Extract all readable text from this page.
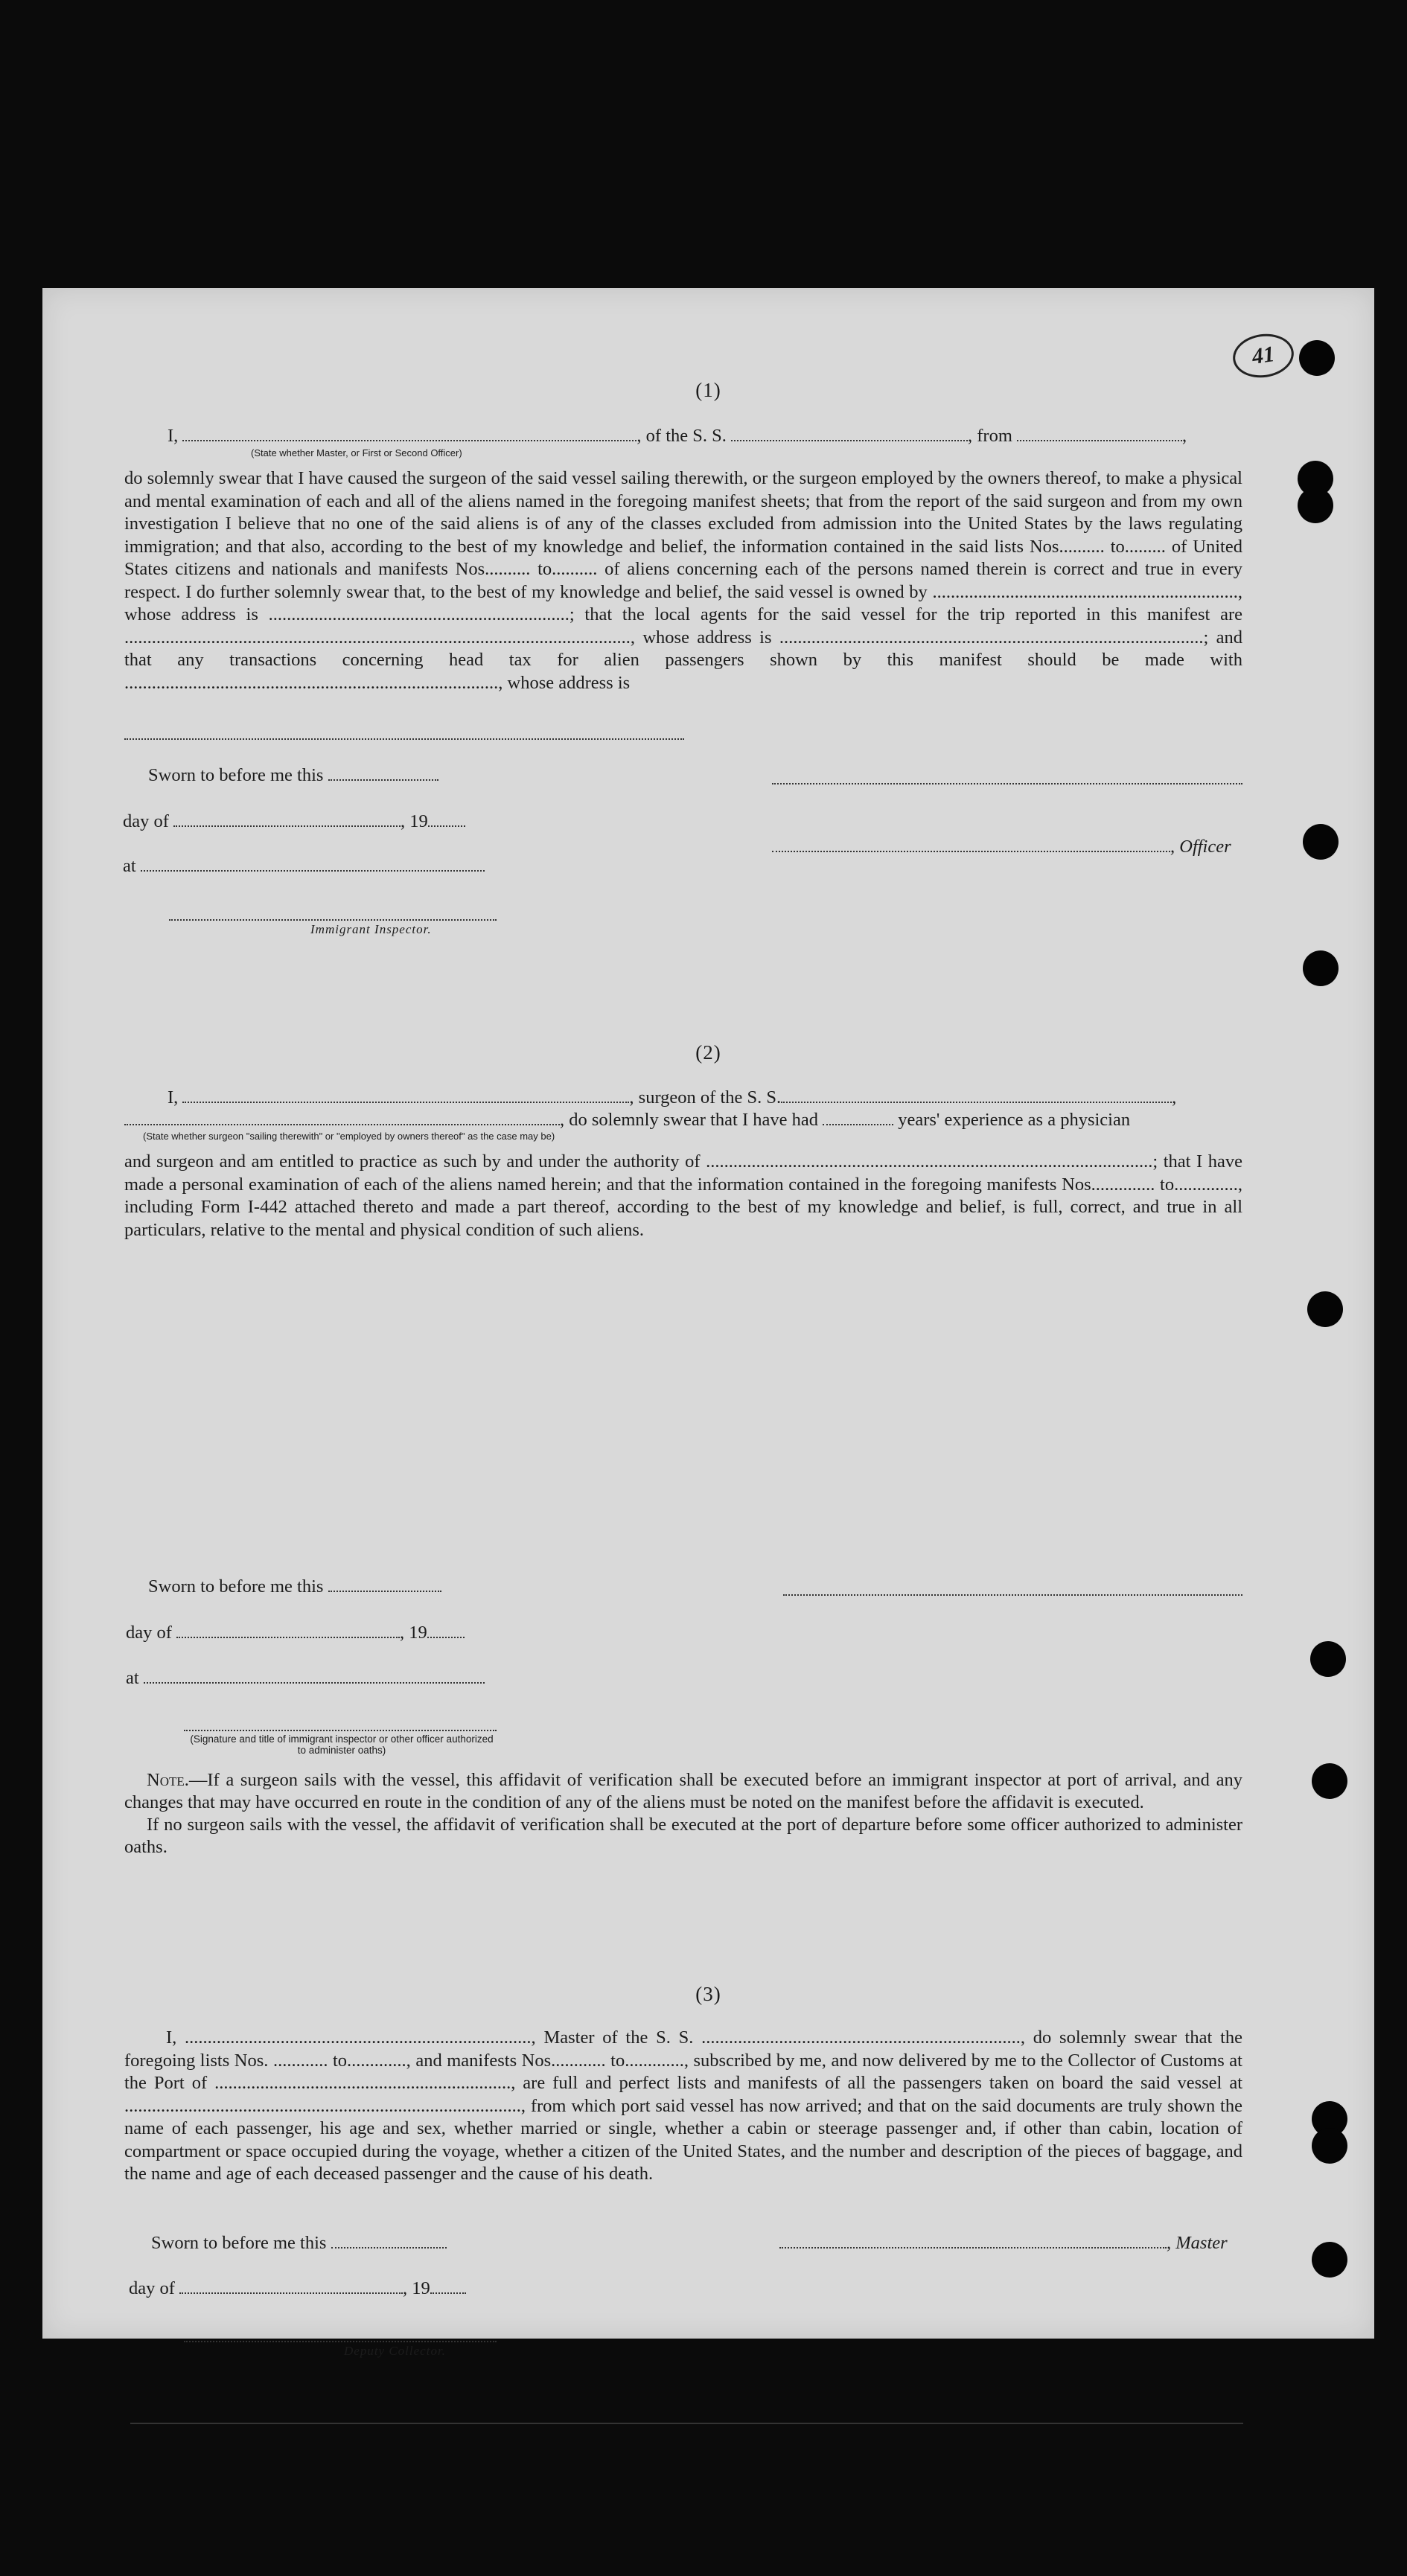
41
(1)
I,	, of the S. S.	, from	,
(State whether Master, or First or Second Officer)

do solemnly swear that I have caused the surgeon of the said vessel sailing therewith, or the surgeon employed by the owners thereof, to make a physical and mental examination of each and all of the aliens named in the foregoing manifest sheets; that from the report of the said surgeon and from my own investigation I believe that no one of the said aliens is of any of the classes excluded from admission into the United States by the laws regulating immigration; and that also, according to the best of my knowledge and belief, the information contained in the said lists Nos.......... to......... of United States citizens and nationals and manifests Nos.......... to.......... of aliens concerning each of the persons named therein is correct and true in every respect. I do further solemnly swear that, to the best of my knowledge and belief, the said vessel is owned by ..................................................................., whose address is ..................................................................; that the local agents for the said vessel for the trip reported in this manifest are ..............................................................................................................., whose address is .............................................................................................; and that any transactions concerning head tax for alien passengers shown by this manifest should be made with .................................................................................., whose address is

Sworn to before me this
day of	, 19
, Officer
at
Immigrant Inspector.
(2)
I,	, surgeon of the S. S.	,
, do solemnly swear that I have had	years' experience as a physician
(State whether surgeon "sailing therewith" or "employed by owners thereof" as the case may be)

and surgeon and am entitled to practice as such by and under the authority of ..................................................................................................; that I have made a personal examination of each of the aliens named herein; and that the information contained in the foregoing manifests Nos.............. to.............., including Form I-442 attached thereto and made a part thereof, according to the best of my knowledge and belief, is full, correct, and true in all particulars, relative to the mental and physical condition of such aliens.

Sworn to before me this
day of	, 19
at
(Signature and title of immigrant inspector or other officer authorized to administer oaths)

Note.—If a surgeon sails with the vessel, this affidavit of verification shall be executed before an immigrant inspector at port of arrival, and any changes that may have occurred en route in the condition of any of the aliens must be noted on the manifest before the affidavit is executed.

If no surgeon sails with the vessel, the affidavit of verification shall be executed at the port of departure before some officer authorized to administer oaths.

(3)

I, ............................................................................, Master of the S. S. ......................................................................, do solemnly swear that the foregoing lists Nos. ............ to............., and manifests Nos............ to............., subscribed by me, and now delivered by me to the Collector of Customs at the Port of ................................................................., are full and perfect lists and manifests of all the passengers taken on board the said vessel at ......................................................................................., from which port said vessel has now arrived; and that on the said documents are truly shown the name of each passenger, his age and sex, whether married or single, whether a cabin or steerage passenger and, if other than cabin, location of compartment or space occupied during the voyage, whether a citizen of the United States, and the number and description of the pieces of baggage, and the name and age of each deceased passenger and the cause of his death.

Sworn to before me this	, Master
day of	, 19
Deputy Collector.
